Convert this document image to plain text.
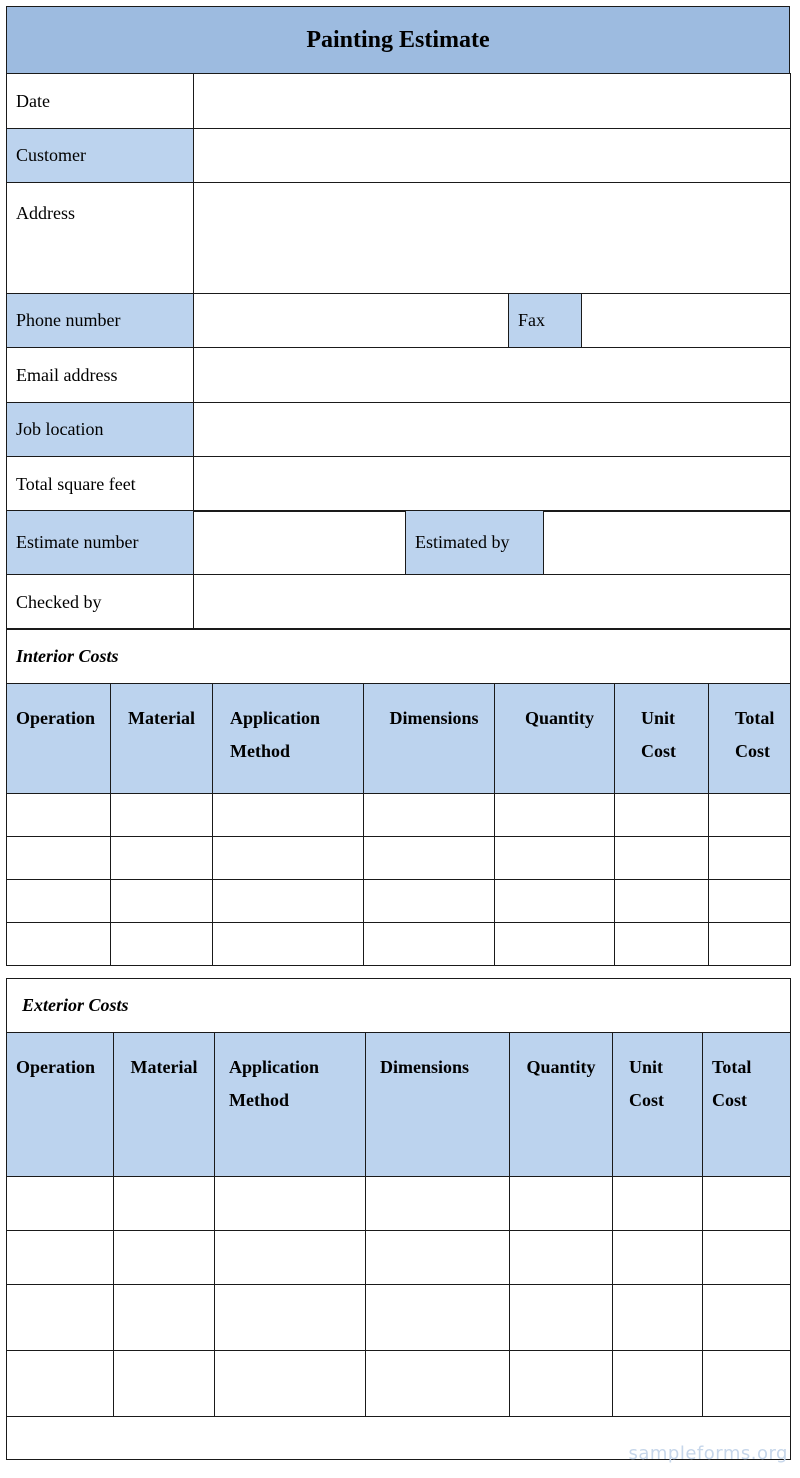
Painting Estimate
Date			
Customer			
Address			
Phone number		Fax	
Email address			
Job location			
Total square feet			
Estimate number		Estimated by	
Checked by			
Interior Costs						
Operation	Material	Application Method	Dimensions	Quantity	Unit Cost	Total Cost

Exterior Costs						
Operation	Material	Application Method	Dimensions	Quantity	Unit Cost	Total Cost

sampleforms.org
